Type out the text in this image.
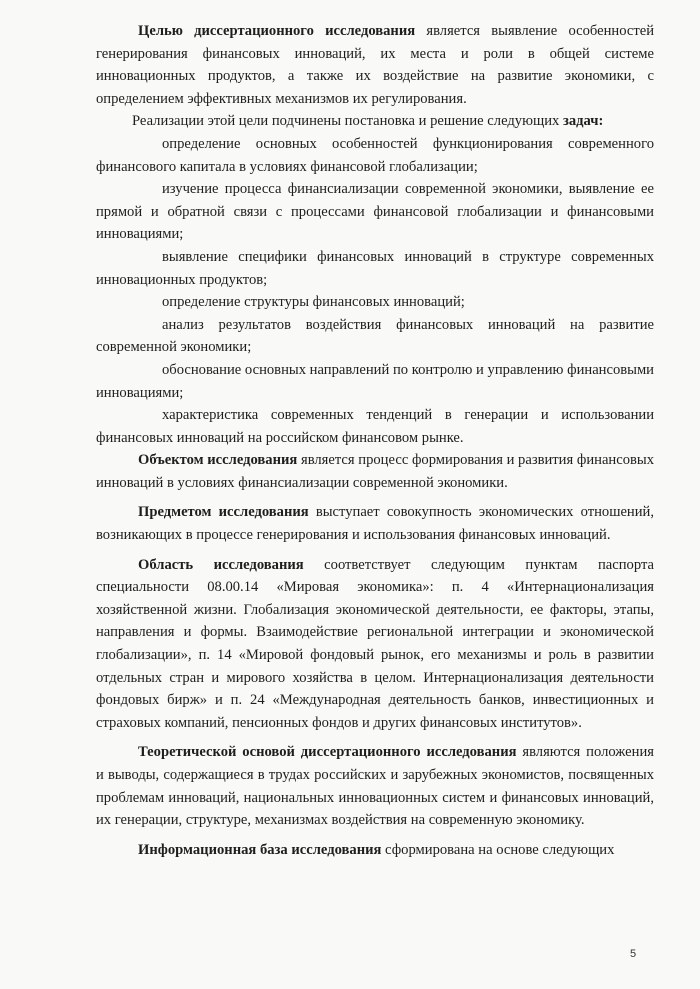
Целью диссертационного исследования является выявление особенностей генерирования финансовых инноваций, их места и роли в общей системе инновационных продуктов, а также их воздействие на развитие экономики, с определением эффективных механизмов их регулирования.

Реализации этой цели подчинены постановка и решение следующих задач:

определение основных особенностей функционирования современного финансового капитала в условиях финансовой глобализации;

изучение процесса финансиализации современной экономики, выявление ее прямой и обратной связи с процессами финансовой глобализации и финансовыми инновациями;

выявление специфики финансовых инноваций в структуре современных инновационных продуктов;

определение структуры финансовых инноваций;

анализ результатов воздействия финансовых инноваций на развитие современной экономики;

обоснование основных направлений по контролю и управлению финансовыми инновациями;

характеристика современных тенденций в генерации и использовании финансовых инноваций на российском финансовом рынке.

Объектом исследования является процесс формирования и развития финансовых инноваций в условиях финансиализации современной экономики.

Предметом исследования выступает совокупность экономических отношений, возникающих в процессе генерирования и использования финансовых инноваций.

Область исследования соответствует следующим пунктам паспорта специальности 08.00.14 «Мировая экономика»: п. 4 «Интернационализация хозяйственной жизни. Глобализация экономической деятельности, ее факторы, этапы, направления и формы. Взаимодействие региональной интеграции и экономической глобализации», п. 14 «Мировой фондовый рынок, его механизмы и роль в развитии отдельных стран и мирового хозяйства в целом. Интернационализация деятельности фондовых бирж» и п. 24 «Международная деятельность банков, инвестиционных и страховых компаний, пенсионных фондов и других финансовых институтов».

Теоретической основой диссертационного исследования являются положения и выводы, содержащиеся в трудах российских и зарубежных экономистов, посвященных проблемам инноваций, национальных инновационных систем и финансовых инноваций, их генерации, структуре, механизмах воздействия на современную экономику.

Информационная база исследования сформирована на основе следующих

5
